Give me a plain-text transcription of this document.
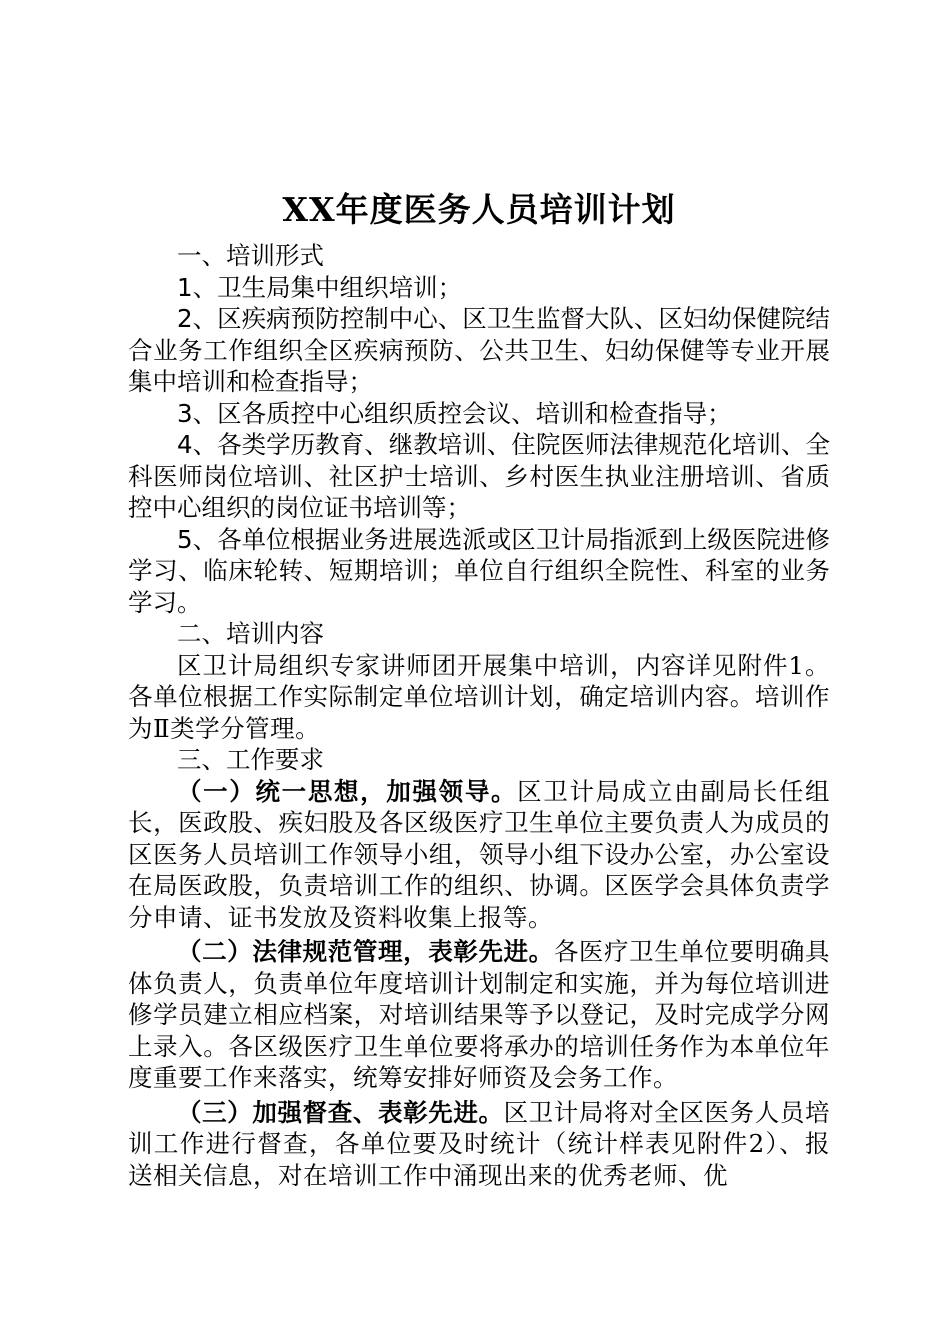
XX年度医务人员培训计划

一、培训形式

1、卫生局集中组织培训；

2、区疾病预防控制中心、区卫生监督大队、区妇幼保健院结合业务工作组织全区疾病预防、公共卫生、妇幼保健等专业开展集中培训和检查指导；

3、区各质控中心组织质控会议、培训和检查指导；

4、各类学历教育、继教培训、住院医师法律规范化培训、全科医师岗位培训、社区护士培训、乡村医生执业注册培训、省质控中心组织的岗位证书培训等；

5、各单位根据业务进展选派或区卫计局指派到上级医院进修学习、临床轮转、短期培训；单位自行组织全院性、科室的业务学习。

二、培训内容

区卫计局组织专家讲师团开展集中培训，内容详见附件1。各单位根据工作实际制定单位培训计划，确定培训内容。培训作为Ⅱ类学分管理。

三、工作要求

（一）统一思想，加强领导。区卫计局成立由副局长任组长，医政股、疾妇股及各区级医疗卫生单位主要负责人为成员的区医务人员培训工作领导小组，领导小组下设办公室，办公室设在局医政股，负责培训工作的组织、协调。区医学会具体负责学分申请、证书发放及资料收集上报等。

（二）法律规范管理，表彰先进。各医疗卫生单位要明确具体负责人，负责单位年度培训计划制定和实施，并为每位培训进修学员建立相应档案，对培训结果等予以登记，及时完成学分网上录入。各区级医疗卫生单位要将承办的培训任务作为本单位年度重要工作来落实，统筹安排好师资及会务工作。

（三）加强督查、表彰先进。区卫计局将对全区医务人员培训工作进行督查，各单位要及时统计（统计样表见附件2）、报送相关信息，对在培训工作中涌现出来的优秀老师、优
